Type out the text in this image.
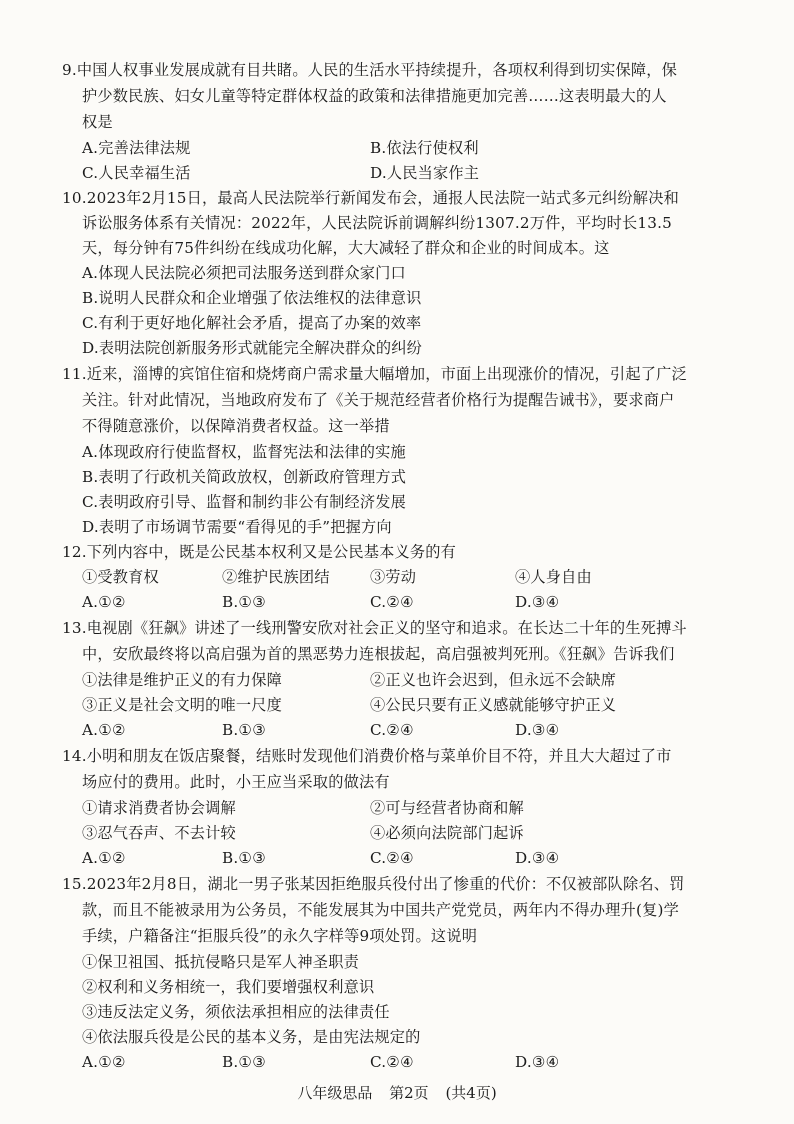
9.中国人权事业发展成就有目共睹。人民的生活水平持续提升，各项权利得到切实保障，保
护少数民族、妇女儿童等特定群体权益的政策和法律措施更加完善……这表明最大的人
权是
A.完善法律法规	B.依法行使权利
C.人民幸福生活	D.人民当家作主
10.2023年2月15日，最高人民法院举行新闻发布会，通报人民法院一站式多元纠纷解决和
诉讼服务体系有关情况：2022年，人民法院诉前调解纠纷1307.2万件，平均时长13.5
天，每分钟有75件纠纷在线成功化解，大大减轻了群众和企业的时间成本。这
A.体现人民法院必须把司法服务送到群众家门口
B.说明人民群众和企业增强了依法维权的法律意识
C.有利于更好地化解社会矛盾，提高了办案的效率
D.表明法院创新服务形式就能完全解决群众的纠纷
11.近来，淄博的宾馆住宿和烧烤商户需求量大幅增加，市面上出现涨价的情况，引起了广泛
关注。针对此情况，当地政府发布了《关于规范经营者价格行为提醒告诫书》，要求商户
不得随意涨价，以保障消费者权益。这一举措
A.体现政府行使监督权，监督宪法和法律的实施
B.表明了行政机关简政放权，创新政府管理方式
C.表明政府引导、监督和制约非公有制经济发展
D.表明了市场调节需要“看得见的手”把握方向
12.下列内容中，既是公民基本权利又是公民基本义务的有
①受教育权	②维护民族团结	③劳动	④人身自由
A.①②	B.①③	C.②④	D.③④
13.电视剧《狂飙》讲述了一线刑警安欣对社会正义的坚守和追求。在长达二十年的生死搏斗
中，安欣最终将以高启强为首的黑恶势力连根拔起，高启强被判死刑。《狂飙》告诉我们
①法律是维护正义的有力保障	②正义也许会迟到，但永远不会缺席
③正义是社会文明的唯一尺度	④公民只要有正义感就能够守护正义
A.①②	B.①③	C.②④	D.③④
14.小明和朋友在饭店聚餐，结账时发现他们消费价格与菜单价目不符，并且大大超过了市
场应付的费用。此时，小王应当采取的做法有
①请求消费者协会调解	②可与经营者协商和解
③忍气吞声、不去计较	④必须向法院部门起诉
A.①②	B.①③	C.②④	D.③④
15.2023年2月8日，湖北一男子张某因拒绝服兵役付出了惨重的代价：不仅被部队除名、罚
款，而且不能被录用为公务员，不能发展其为中国共产党党员，两年内不得办理升(复)学
手续，户籍备注“拒服兵役”的永久字样等9项处罚。这说明
①保卫祖国、抵抗侵略只是军人神圣职责
②权利和义务相统一，我们要增强权利意识
③违反法定义务，须依法承担相应的法律责任
④依法服兵役是公民的基本义务，是由宪法规定的
A.①②	B.①③	C.②④	D.③④
八年级思品 第2页 (共4页)
